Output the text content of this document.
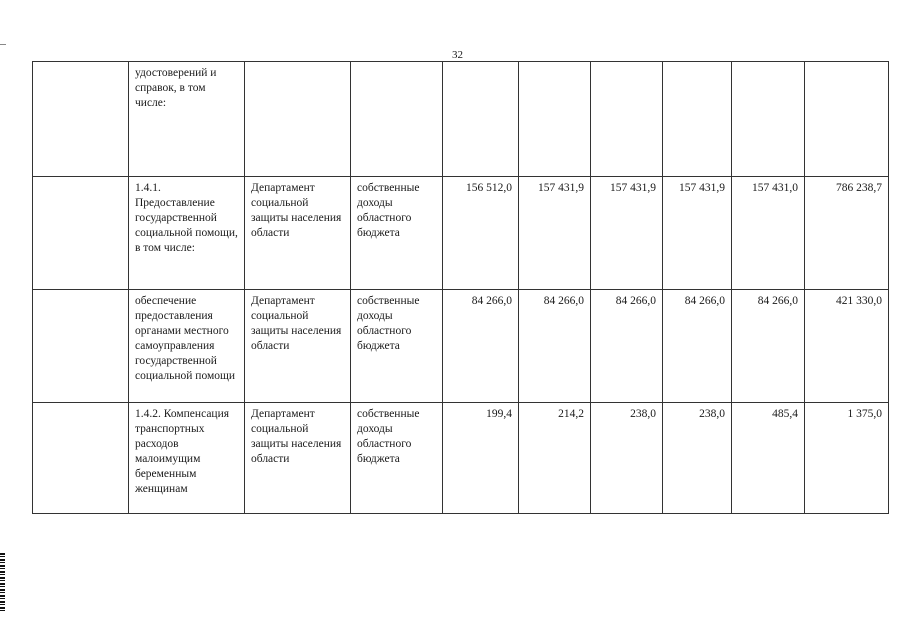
32
	удостоверений и справок, в том числе:								
	1.4.1. Предоставление государственной социальной помощи, в том числе:	Департамент социальной защиты населения области	собственные доходы областного бюджета	156 512,0	157 431,9	157 431,9	157 431,9	157 431,0	786 238,7
	обеспечение предоставления органами местного самоуправления государственной социальной помощи	Департамент социальной защиты населения области	собственные доходы областного бюджета	84 266,0	84 266,0	84 266,0	84 266,0	84 266,0	421 330,0
	1.4.2. Компенсация транспортных расходов малоимущим беременным женщинам	Департамент социальной защиты населения области	собственные доходы областного бюджета	199,4	214,2	238,0	238,0	485,4	1 375,0
